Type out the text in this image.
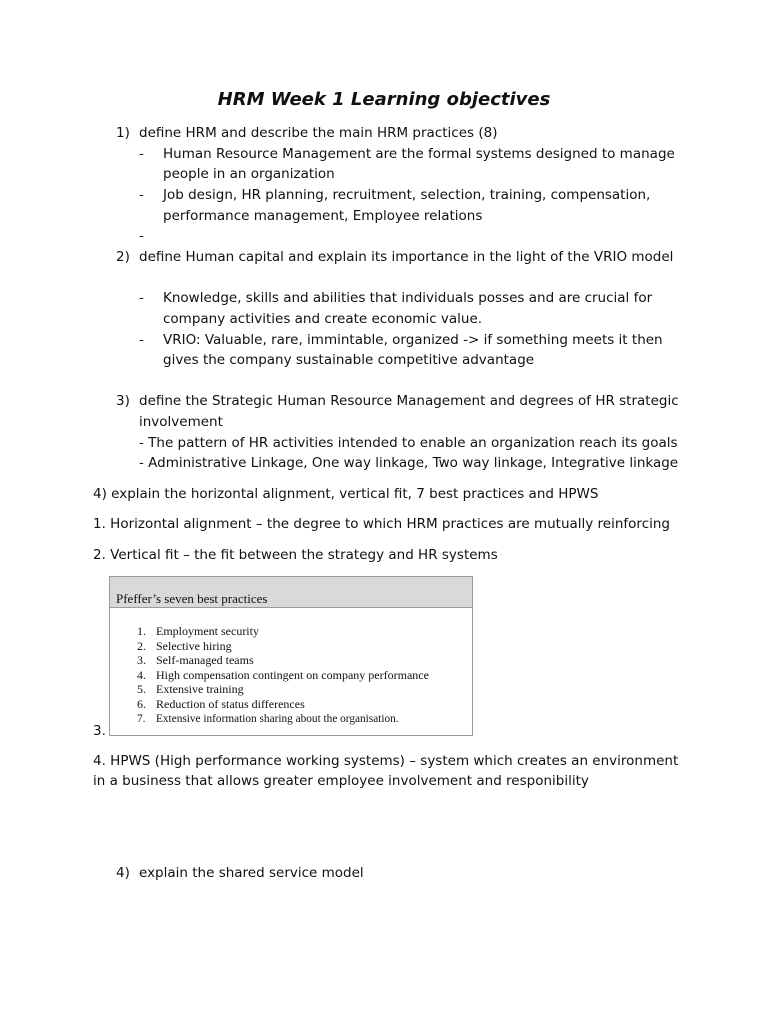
HRM Week 1 Learning objectives
1) define HRM and describe the main HRM practices (8)
- Human Resource Management are the formal systems designed to manage
people in an organization
- Job design, HR planning, recruitment, selection, training, compensation,
performance management, Employee relations
-
2) define Human capital and explain its importance in the light of the VRIO model
- Knowledge, skills and abilities that individuals posses and are crucial for
company activities and create economic value.
- VRIO: Valuable, rare, immintable, organized -> if something meets it then
gives the company sustainable competitive advantage
3) define the Strategic Human Resource Management and degrees of HR strategic
involvement
- The pattern of HR activities intended to enable an organization reach its goals
- Administrative Linkage, One way linkage, Two way linkage, Integrative linkage
4) explain the horizontal alignment, vertical fit, 7 best practices and HPWS
1. Horizontal alignment – the degree to which HRM practices are mutually reinforcing
2. Vertical fit – the fit between the strategy and HR systems
Pfeffer’s seven best practices
1. Employment security
2. Selective hiring
3. Self-managed teams
4. High compensation contingent on company performance
5. Extensive training
6. Reduction of status differences
7. Extensive information sharing about the organisation.
3.
4. HPWS (High performance working systems) – system which creates an environment
in a business that allows greater employee involvement and responibility
4) explain the shared service model
